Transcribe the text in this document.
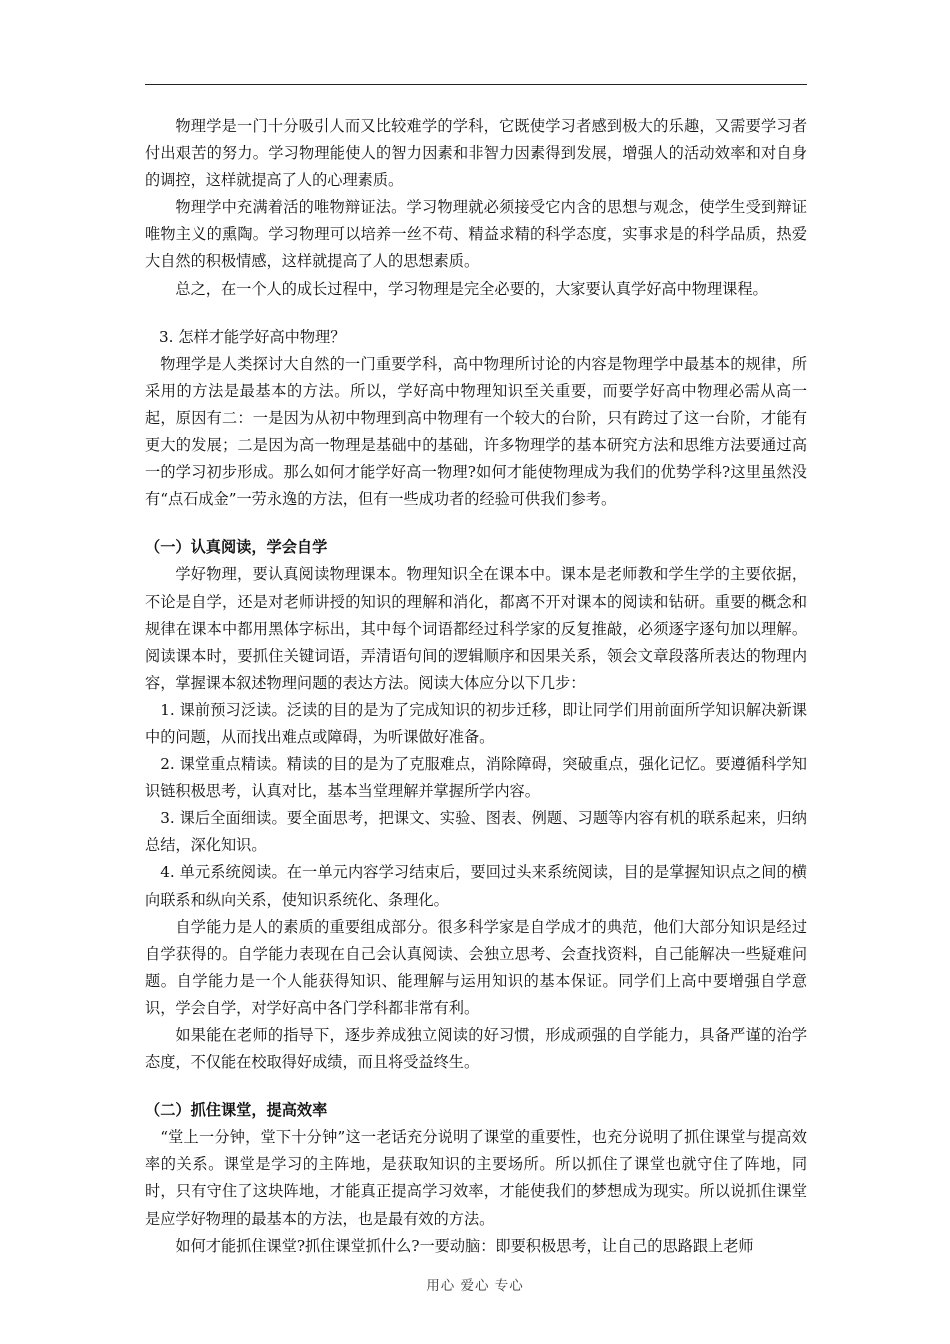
物理学是一门十分吸引人而又比较难学的学科，它既使学习者感到极大的乐趣，又需要学习者付出艰苦的努力。学习物理能使人的智力因素和非智力因素得到发展，增强人的活动效率和对自身的调控，这样就提高了人的心理素质。

物理学中充满着活的唯物辩证法。学习物理就必须接受它内含的思想与观念，使学生受到辩证唯物主义的熏陶。学习物理可以培养一丝不苟、精益求精的科学态度，实事求是的科学品质，热爱大自然的积极情感，这样就提高了人的思想素质。

总之，在一个人的成长过程中，学习物理是完全必要的，大家要认真学好高中物理课程。

3. 怎样才能学好高中物理？

物理学是人类探讨大自然的一门重要学科，高中物理所讨论的内容是物理学中最基本的规律，所采用的方法是最基本的方法。所以，学好高中物理知识至关重要，而要学好高中物理必需从高一起，原因有二：一是因为从初中物理到高中物理有一个较大的台阶，只有跨过了这一台阶，才能有更大的发展；二是因为高一物理是基础中的基础，许多物理学的基本研究方法和思维方法要通过高一的学习初步形成。那么如何才能学好高一物理?如何才能使物理成为我们的优势学科?这里虽然没有“点石成金”一劳永逸的方法，但有一些成功者的经验可供我们参考。

（一）认真阅读，学会自学

学好物理，要认真阅读物理课本。物理知识全在课本中。课本是老师教和学生学的主要依据，不论是自学，还是对老师讲授的知识的理解和消化，都离不开对课本的阅读和钻研。重要的概念和规律在课本中都用黑体字标出，其中每个词语都经过科学家的反复推敲，必须逐字逐句加以理解。阅读课本时，要抓住关键词语，弄清语句间的逻辑顺序和因果关系，领会文章段落所表达的物理内容，掌握课本叙述物理问题的表达方法。阅读大体应分以下几步：

1. 课前预习泛读。泛读的目的是为了完成知识的初步迁移，即让同学们用前面所学知识解决新课中的问题，从而找出难点或障碍，为听课做好准备。

2. 课堂重点精读。精读的目的是为了克服难点，消除障碍，突破重点，强化记忆。要遵循科学知识链积极思考，认真对比，基本当堂理解并掌握所学内容。

3. 课后全面细读。要全面思考，把课文、实验、图表、例题、习题等内容有机的联系起来，归纳总结，深化知识。

4. 单元系统阅读。在一单元内容学习结束后，要回过头来系统阅读，目的是掌握知识点之间的横向联系和纵向关系，使知识系统化、条理化。

自学能力是人的素质的重要组成部分。很多科学家是自学成才的典范，他们大部分知识是经过自学获得的。自学能力表现在自己会认真阅读、会独立思考、会查找资料，自己能解决一些疑难问题。自学能力是一个人能获得知识、能理解与运用知识的基本保证。同学们上高中要增强自学意识，学会自学，对学好高中各门学科都非常有利。

如果能在老师的指导下，逐步养成独立阅读的好习惯，形成顽强的自学能力，具备严谨的治学态度，不仅能在校取得好成绩，而且将受益终生。

（二）抓住课堂，提高效率

“堂上一分钟，堂下十分钟”这一老话充分说明了课堂的重要性，也充分说明了抓住课堂与提高效率的关系。课堂是学习的主阵地，是获取知识的主要场所。所以抓住了课堂也就守住了阵地，同时，只有守住了这块阵地，才能真正提高学习效率，才能使我们的梦想成为现实。所以说抓住课堂是应学好物理的最基本的方法，也是最有效的方法。

如何才能抓住课堂?抓住课堂抓什么?一要动脑：即要积极思考，让自己的思路跟上老师

用心 爱心 专心
